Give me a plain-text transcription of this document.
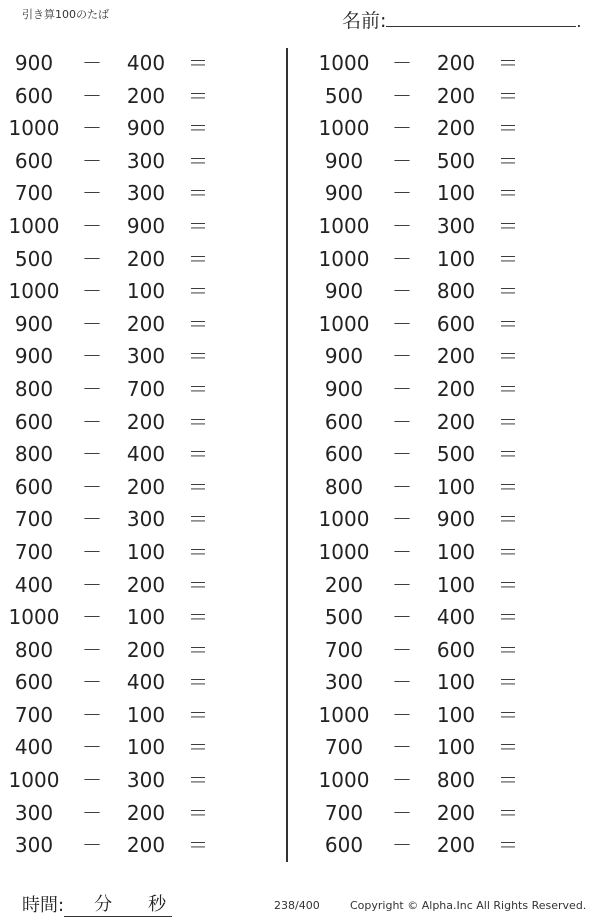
引き算100のたば	名前:	.
900	－ 400 ＝
600	－ 200 ＝
1000 － 900 ＝
600	－ 300 ＝
700	－ 300 ＝
1000 － 900 ＝
500	－ 200 ＝
1000 － 100 ＝
900	－ 200 ＝
900	－ 300 ＝
800	－ 700 ＝
600	－ 200 ＝
800	－ 400 ＝
600	－ 200 ＝
700	－ 300 ＝
700	－ 100 ＝
400	－ 200 ＝
1000 － 100 ＝
800	－ 200 ＝
600	－ 400 ＝
700	－ 100 ＝
400	－ 100 ＝
1000 － 300 ＝
300	－ 200 ＝
300	－ 200 ＝
1000 － 200 ＝
500	－ 200 ＝
1000 － 200 ＝
900	－ 500 ＝
900	－ 100 ＝
1000 － 300 ＝
1000 － 100 ＝
900	－ 800 ＝
1000 － 600 ＝
900	－ 200 ＝
900	－ 200 ＝
600	－ 200 ＝
600	－ 500 ＝
800	－ 100 ＝
1000 － 900 ＝
1000 － 100 ＝
200	－ 100 ＝
500	－ 400 ＝
700	－ 600 ＝
300	－ 100 ＝
1000 － 100 ＝
700	－ 100 ＝
1000 － 800 ＝
700	－ 200 ＝
600	－ 200 ＝
時間: 分 秒	238/400	Copyright © Alpha.Inc All Rights Reserved.
